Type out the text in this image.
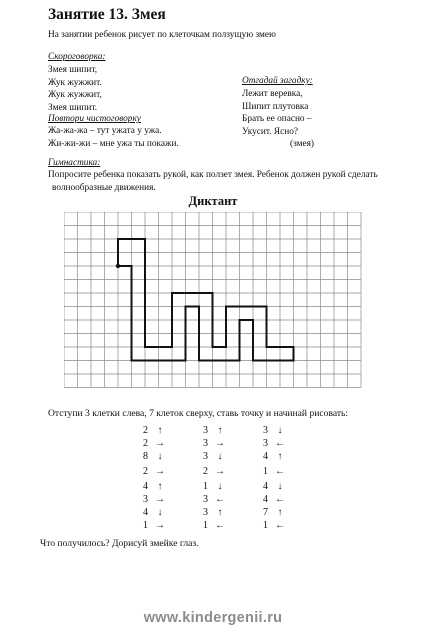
Занятие 13. Змея
На занятии ребенок рисует по клеточкам ползущую змею
Скороговорка:
Змея шипит,
Жук жужжит.
Жук жужжит,
Змея шипит.
Отгадай загадку:
Лежит веревка,
Шипит плутовка
Брать ее опасно –
Укусит. Ясно?
(змея)
Повтори чистоговорку
Жа-жа-жа – тут ужата у ужа.
Жи-жи-жи – мне ужа ты покажи.
Гимнастика:
Попросите ребенка показать рукой, как ползет змея. Ребенок должен рукой сделать
волнообразные движения.
Диктант
Отступи 3 клетки слева, 7 клеток сверху, ставь точку и начинай рисовать:
2 ↑
2 →
8 ↓
2 →
4 ↑
3 →
4 ↓
1 →
3 ↑
3 →
3 ↓
2 →
1 ↓
3 ←
3 ↑
1 ←
3 ↓
3 ←
4 ↑
1 ←
4 ↓
4 ←
7 ↑
1 ←
Что получилось? Дорисуй змейке глаз.
www.kindergenii.ru
